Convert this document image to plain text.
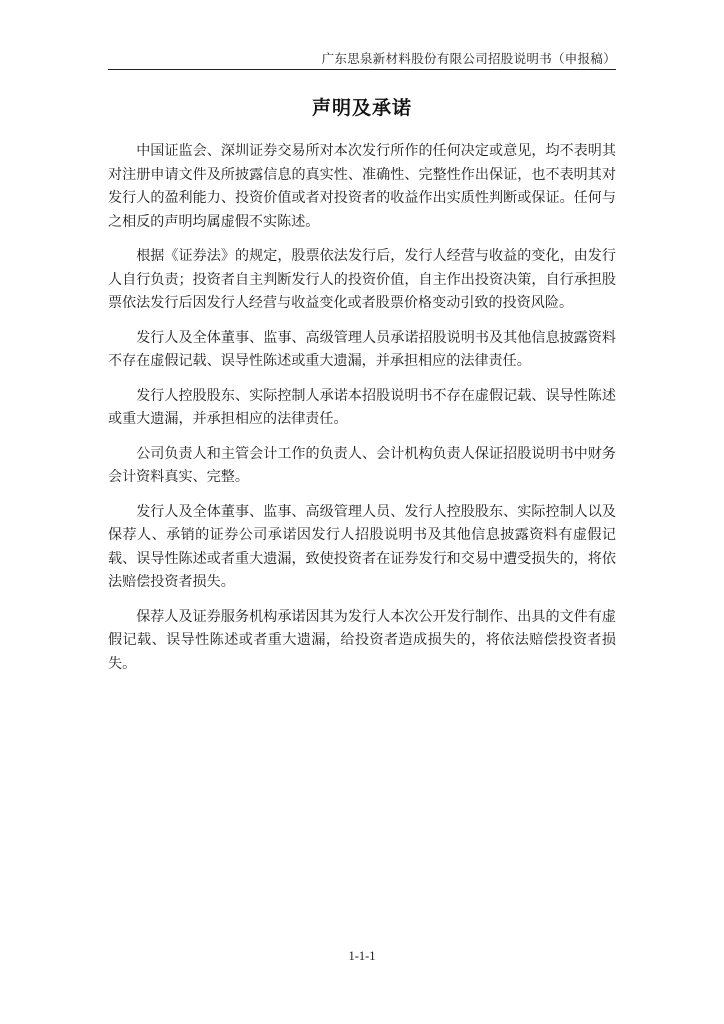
广东思泉新材料股份有限公司招股说明书（申报稿）
声明及承诺

中国证监会、深圳证券交易所对本次发行所作的任何决定或意见，均不表明其对注册申请文件及所披露信息的真实性、准确性、完整性作出保证，也不表明其对发行人的盈利能力、投资价值或者对投资者的收益作出实质性判断或保证。任何与之相反的声明均属虚假不实陈述。

根据《证券法》的规定，股票依法发行后，发行人经营与收益的变化，由发行人自行负责；投资者自主判断发行人的投资价值，自主作出投资决策，自行承担股票依法发行后因发行人经营与收益变化或者股票价格变动引致的投资风险。

发行人及全体董事、监事、高级管理人员承诺招股说明书及其他信息披露资料不存在虚假记载、误导性陈述或重大遗漏，并承担相应的法律责任。

发行人控股股东、实际控制人承诺本招股说明书不存在虚假记载、误导性陈述或重大遗漏，并承担相应的法律责任。

公司负责人和主管会计工作的负责人、会计机构负责人保证招股说明书中财务会计资料真实、完整。

发行人及全体董事、监事、高级管理人员、发行人控股股东、实际控制人以及保荐人、承销的证券公司承诺因发行人招股说明书及其他信息披露资料有虚假记载、误导性陈述或者重大遗漏，致使投资者在证券发行和交易中遭受损失的，将依法赔偿投资者损失。

保荐人及证券服务机构承诺因其为发行人本次公开发行制作、出具的文件有虚假记载、误导性陈述或者重大遗漏，给投资者造成损失的，将依法赔偿投资者损失。

1-1-1
